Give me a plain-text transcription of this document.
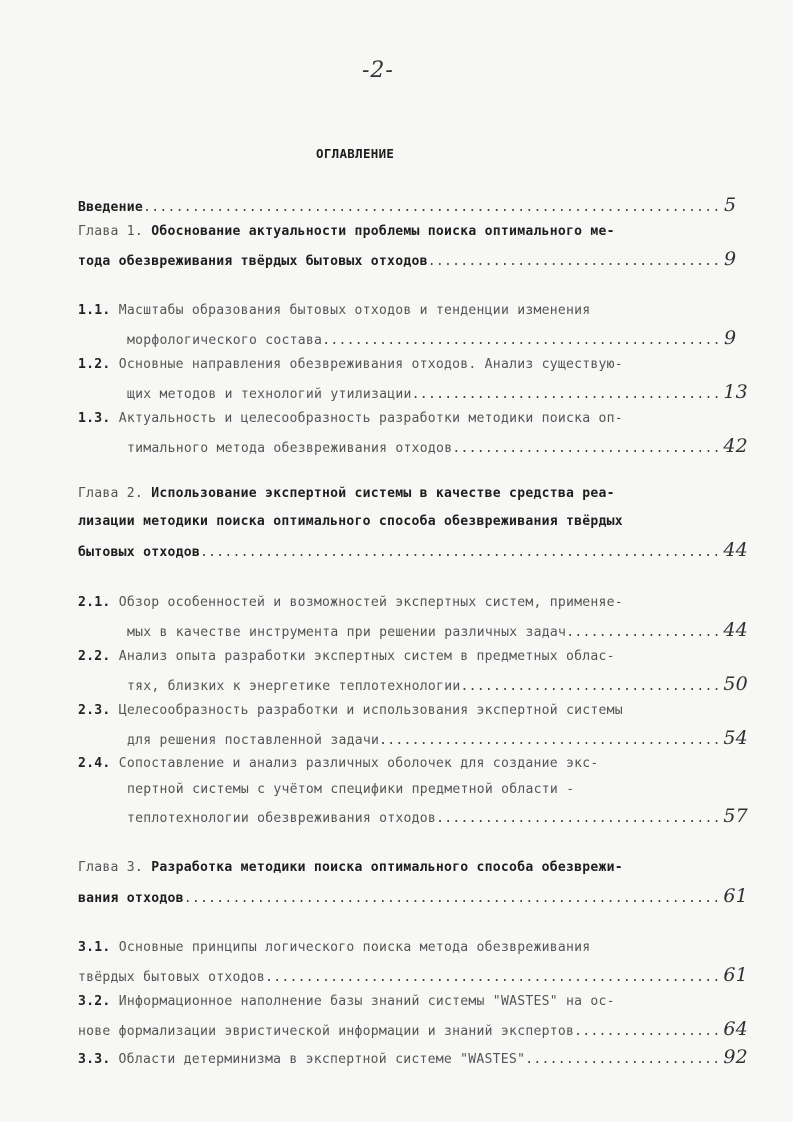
-2-
ОГЛАВЛЕНИЕ
Введение .....	5
Глава 1. Обоснование актуальности проблемы поиска оптимального ме-
тода обезвреживания твёрдых бытовых отходов .....	9
1.1. Масштабы образования бытовых отходов и тенденции изменения
морфологического состава .....	9
1.2. Основные направления обезвреживания отходов. Анализ существую-
щих методов и технологий утилизации .....	13
1.3. Актуальность и целесообразность разработки методики поиска оп-
тимального метода обезвреживания отходов .....	42
Глава 2. Использование экспертной системы в качестве средства реа-
лизации методики поиска оптимального способа обезвреживания твёрдых
бытовых отходов .....	44
2.1. Обзор особенностей и возможностей экспертных систем, применяе-
мых в качестве инструмента при решении различных задач .....	44
2.2. Анализ опыта разработки экспертных систем в предметных облас-
тях, близких к энергетике теплотехнологии .....	50
2.3. Целесообразность разработки и использования экспертной системы
для решения поставленной задачи .....	54
2.4. Сопоставление и анализ различных оболочек для создание экс-
пертной системы с учётом специфики предметной области -
теплотехнологии обезвреживания отходов .....	57
Глава 3. Разработка методики поиска оптимального способа обезврежи-
вания отходов .....	61
3.1. Основные принципы логического поиска метода обезвреживания
твёрдых бытовых отходов .....	61
3.2. Информационное наполнение базы знаний системы "WASTES" на ос-
нове формализации эвристической информации и знаний экспертов .....	64
3.3. Области детерминизма в экспертной системе "WASTES" .....	92
